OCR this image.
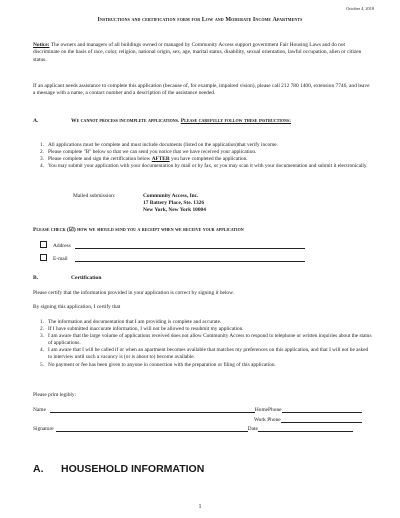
October 4, 2018
Instructions and certification form for Low and Moderate Income Apartments
Notice: The owners and managers of all buildings owned or managed by Community Access support government Fair Housing Laws and do not discriminate on the basis of race, color, religion, national origin, sex, age, marital status, disability, sexual orientation, lawful occupation, alien or citizen status.
If an applicant needs assistance to complete this application (because of, for example, impaired vision), please call 212 780 1400, extension 7746, and leave a message with a name, a contact number and a description of the assistance needed.
A.	We cannot process incomplete applications. Please carefully follow these instructions:
1. All applications must be complete and must include documents (listed on the application)that verify income.
2. Please complete "B" below so that we can send you notice that we have received your application.
3. Please complete and sign the certification below AFTER you have completed the application.
4. You may submit your application with your documentation by mail or by fax, or you may scan it with your documentation and submit it electronically.
Mailed submission:	Community Access, Inc.
17 Battery Place, Ste. 1326
New York, New York 10004
Please check (☑) how we should send you a receipt when we receive your application
Address
E-mail
B.	Certification
Please certify that the information provided in your application is correct by signing it below.
By signing this application, I certify that
1. The information and documentation that I am providing is complete and accurate.
2. If I have submitted inaccurate information, I will not be allowed to resubmit my application.
3. I am aware that the large volume of applications received does not allow Community Access to respond to telephone or written inquiries about the status of applications.
4. I am aware that I will be called if or when an apartment becomes available that matches my preferences on this application, and that I will not be asked to interview until such a vacancy is (or is about to) become available.
5. No payment or fee has been given to anyone in connection with the preparation or filing of this application.
Please print legibly:
Name	HomePhone
Work Phone
Signature	Date
A. HOUSEHOLD INFORMATION
1
